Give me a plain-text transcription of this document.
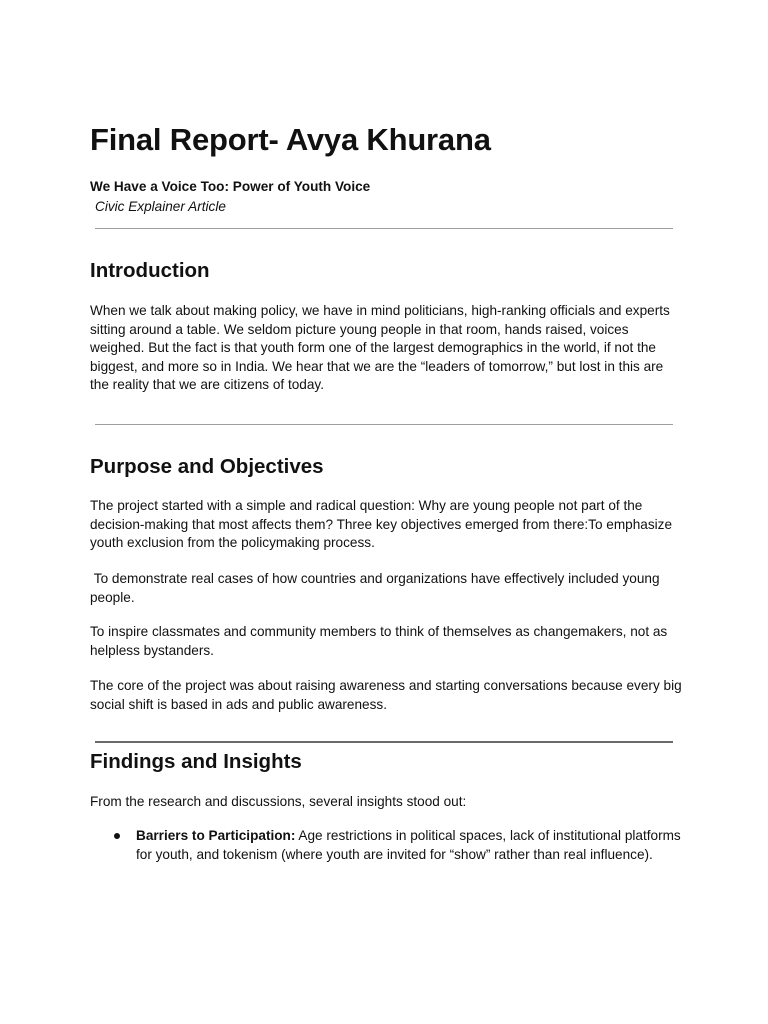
Final Report- Avya Khurana

We Have a Voice Too: Power of Youth Voice

Civic Explainer Article

Introduction

When we talk about making policy, we have in mind politicians, high-ranking officials and experts sitting around a table. We seldom picture young people in that room, hands raised, voices weighed. But the fact is that youth form one of the largest demographics in the world, if not the biggest, and more so in India. We hear that we are the “leaders of tomorrow,” but lost in this are the reality that we are citizens of today.

Purpose and Objectives

The project started with a simple and radical question: Why are young people not part of the decision-making that most affects them? Three key objectives emerged from there:To emphasize youth exclusion from the policymaking process.

To demonstrate real cases of how countries and organizations have effectively included young people.

To inspire classmates and community members to think of themselves as changemakers, not as helpless bystanders.

The core of the project was about raising awareness and starting conversations because every big social shift is based in ads and public awareness.

Findings and Insights

From the research and discussions, several insights stood out:

Barriers to Participation: Age restrictions in political spaces, lack of institutional platforms for youth, and tokenism (where youth are invited for “show” rather than real influence).
